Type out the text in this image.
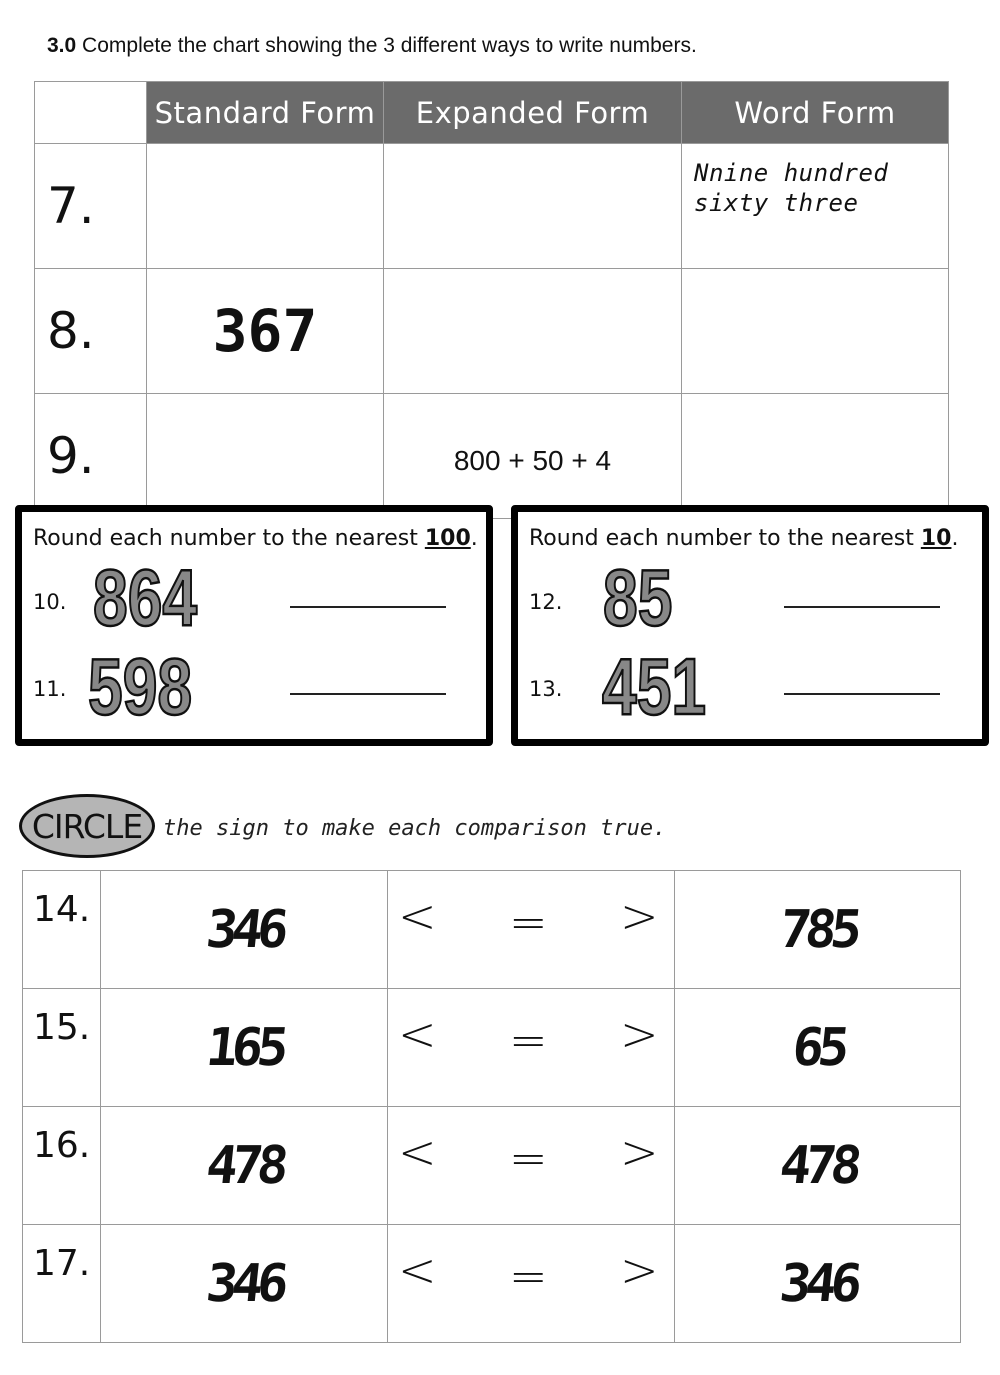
3.0 Complete the chart showing the 3 different ways to write numbers.
	Standard Form	Expanded Form	Word Form
7.			Nnine hundred sixty three
8.	367		
9.		800 + 50 + 4	
Round each number to the nearest 100.
10. 864
11. 598
Round each number to the nearest 10.
12. 85
13. 451
CIRCLE the sign to make each comparison true.
14.	346	< = >	785
15.	165	< = >	65
16.	478	< = >	478
17.	346	< = >	346
